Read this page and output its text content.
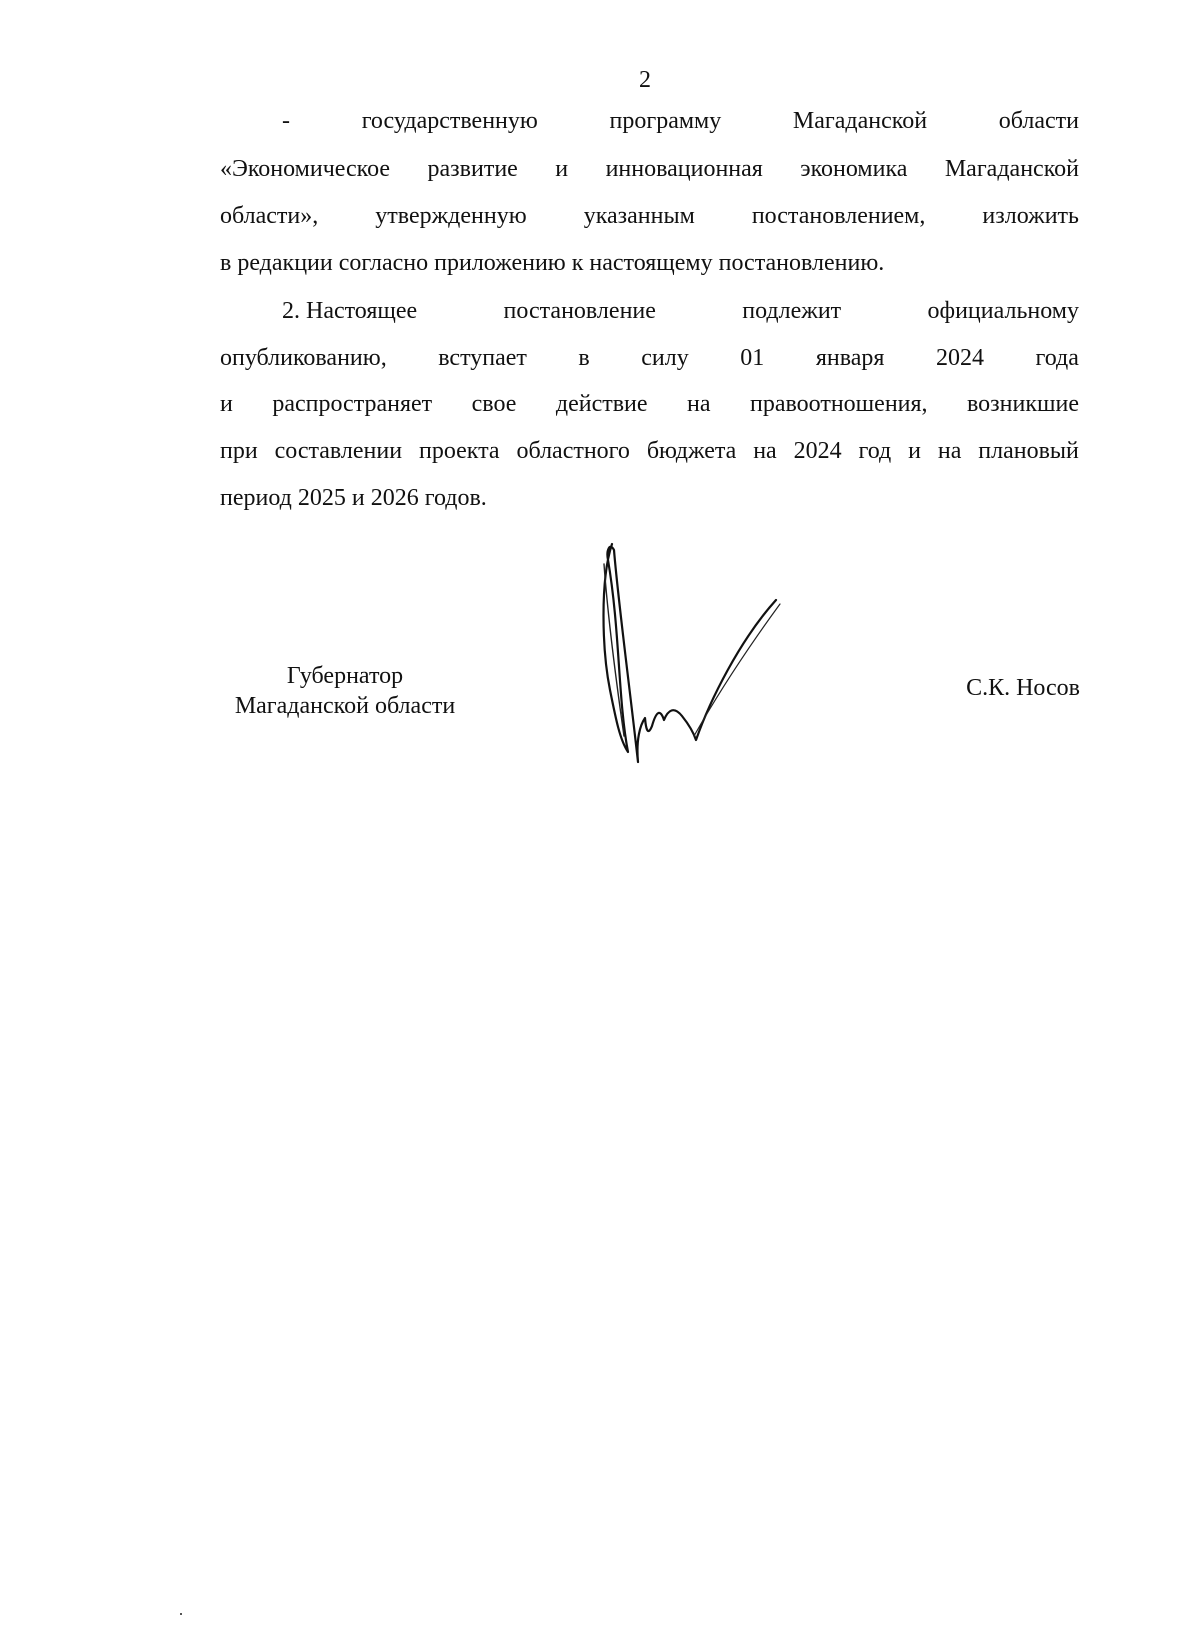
2
-	государственную	программу	Магаданской	области
«Экономическое развитие и инновационная экономика Магаданской
области», утвержденную указанным постановлением, изложить
в редакции согласно приложению к настоящему постановлению.
2. Настоящее	постановление	подлежит	официальному
опубликованию, вступает в силу 01 января 2024 года
и распространяет свое действие на правоотношения, возникшие
при составлении проекта областного бюджета на 2024 год и на плановый
период 2025 и 2026 годов.
Губернатор
Магаданской области
С.К. Носов
